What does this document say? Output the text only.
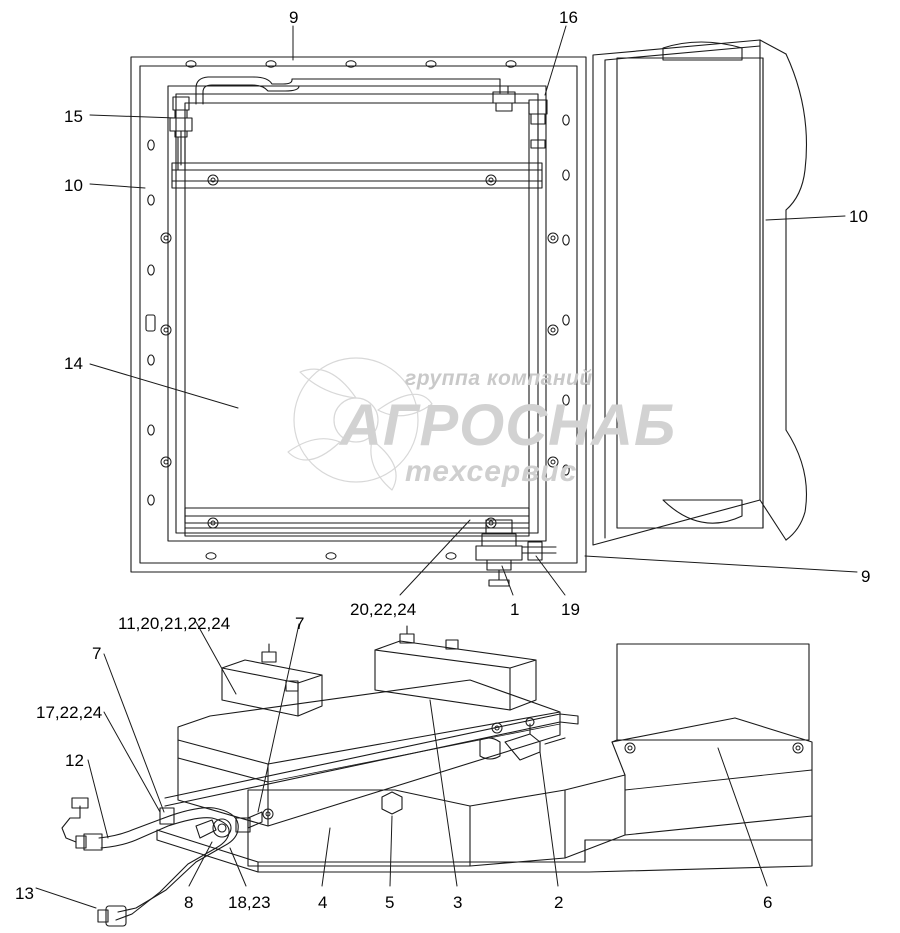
группа компаний
АГРОСНАБ
техсервис
9	16
15
10
10
14
9
20,22,24	1 19
11,20,21,22,24	7
7
17,22,24
12
13	8 18,23	4	5	3	2	6
